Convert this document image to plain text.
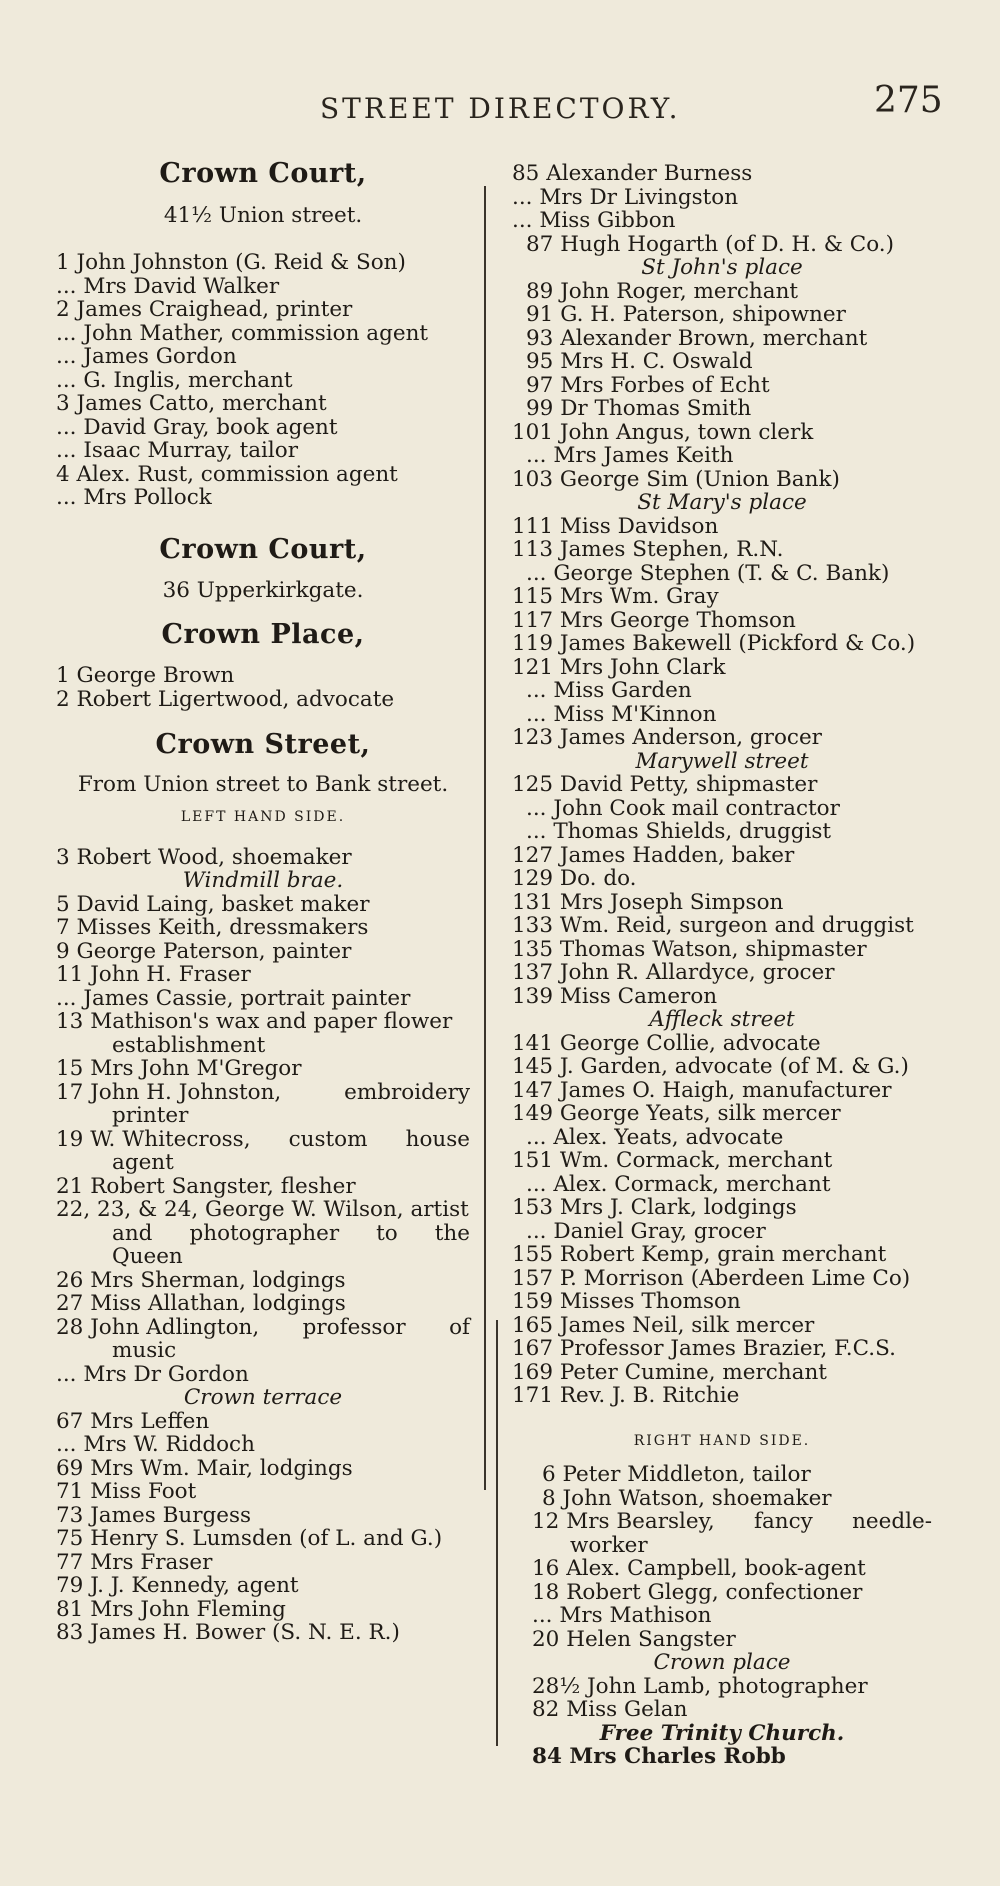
STREET DIRECTORY.	275
Crown Court,
41½ Union street.
1 John Johnston (G. Reid & Son)
... Mrs David Walker
2 James Craighead, printer
... John Mather, commission agent
... James Gordon
... G. Inglis, merchant
3 James Catto, merchant
... David Gray, book agent
... Isaac Murray, tailor
4 Alex. Rust, commission agent
... Mrs Pollock
Crown Court,
36 Upperkirkgate.
Crown Place,
1 George Brown
2 Robert Ligertwood, advocate
Crown Street,
From Union street to Bank street.
LEFT HAND SIDE.
3 Robert Wood, shoemaker
Windmill brae.
5 David Laing, basket maker
7 Misses Keith, dressmakers
9 George Paterson, painter
11 John H. Fraser
... James Cassie, portrait painter
13 Mathison's wax and paper flower
establishment
15 Mrs John M'Gregor
17 John H. Johnston,	embroidery
printer
19 W. Whitecross, custom house
agent
21 Robert Sangster, flesher
22, 23, & 24, George W. Wilson, artist
and photographer to the
Queen
26 Mrs Sherman, lodgings
27 Miss Allathan, lodgings
28 John Adlington, professor of
music
... Mrs Dr Gordon
Crown terrace
67 Mrs Leffen
... Mrs W. Riddoch
69 Mrs Wm. Mair, lodgings
71 Miss Foot
73 James Burgess
75 Henry S. Lumsden (of L. and G.)
77 Mrs Fraser
79 J. J. Kennedy, agent
81 Mrs John Fleming
83 James H. Bower (S. N. E. R.)
85 Alexander Burness
... Mrs Dr Livingston
... Miss Gibbon
87 Hugh Hogarth (of D. H. & Co.)
St John's place
89 John Roger, merchant
91 G. H. Paterson, shipowner
93 Alexander Brown, merchant
95 Mrs H. C. Oswald
97 Mrs Forbes of Echt
99 Dr Thomas Smith
101 John Angus, town clerk
... Mrs James Keith
103 George Sim (Union Bank)
St Mary's place
111 Miss Davidson
113 James Stephen, R.N.
... George Stephen (T. & C. Bank)
115 Mrs Wm. Gray
117 Mrs George Thomson
119 James Bakewell (Pickford & Co.)
121 Mrs John Clark
... Miss Garden
... Miss M'Kinnon
123 James Anderson, grocer
Marywell street
125 David Petty, shipmaster
... John Cook mail contractor
... Thomas Shields, druggist
127 James Hadden, baker
129 Do. do.
131 Mrs Joseph Simpson
133 Wm. Reid, surgeon and druggist
135 Thomas Watson, shipmaster
137 John R. Allardyce, grocer
139 Miss Cameron
Affleck street
141 George Collie, advocate
145 J. Garden, advocate (of M. & G.)
147 James O. Haigh, manufacturer
149 George Yeats, silk mercer
... Alex. Yeats, advocate
151 Wm. Cormack, merchant
... Alex. Cormack, merchant
153 Mrs J. Clark, lodgings
... Daniel Gray, grocer
155 Robert Kemp, grain merchant
157 P. Morrison (Aberdeen Lime Co)
159 Misses Thomson
165 James Neil, silk mercer
167 Professor James Brazier, F.C.S.
169 Peter Cumine, merchant
171 Rev. J. B. Ritchie
RIGHT HAND SIDE.
6 Peter Middleton, tailor
8 John Watson, shoemaker
12 Mrs Bearsley, fancy needle-
worker
16 Alex. Campbell, book-agent
18 Robert Glegg, confectioner
... Mrs Mathison
20 Helen Sangster
Crown place
28½ John Lamb, photographer
82 Miss Gelan
Free Trinity Church.
84 Mrs Charles Robb
